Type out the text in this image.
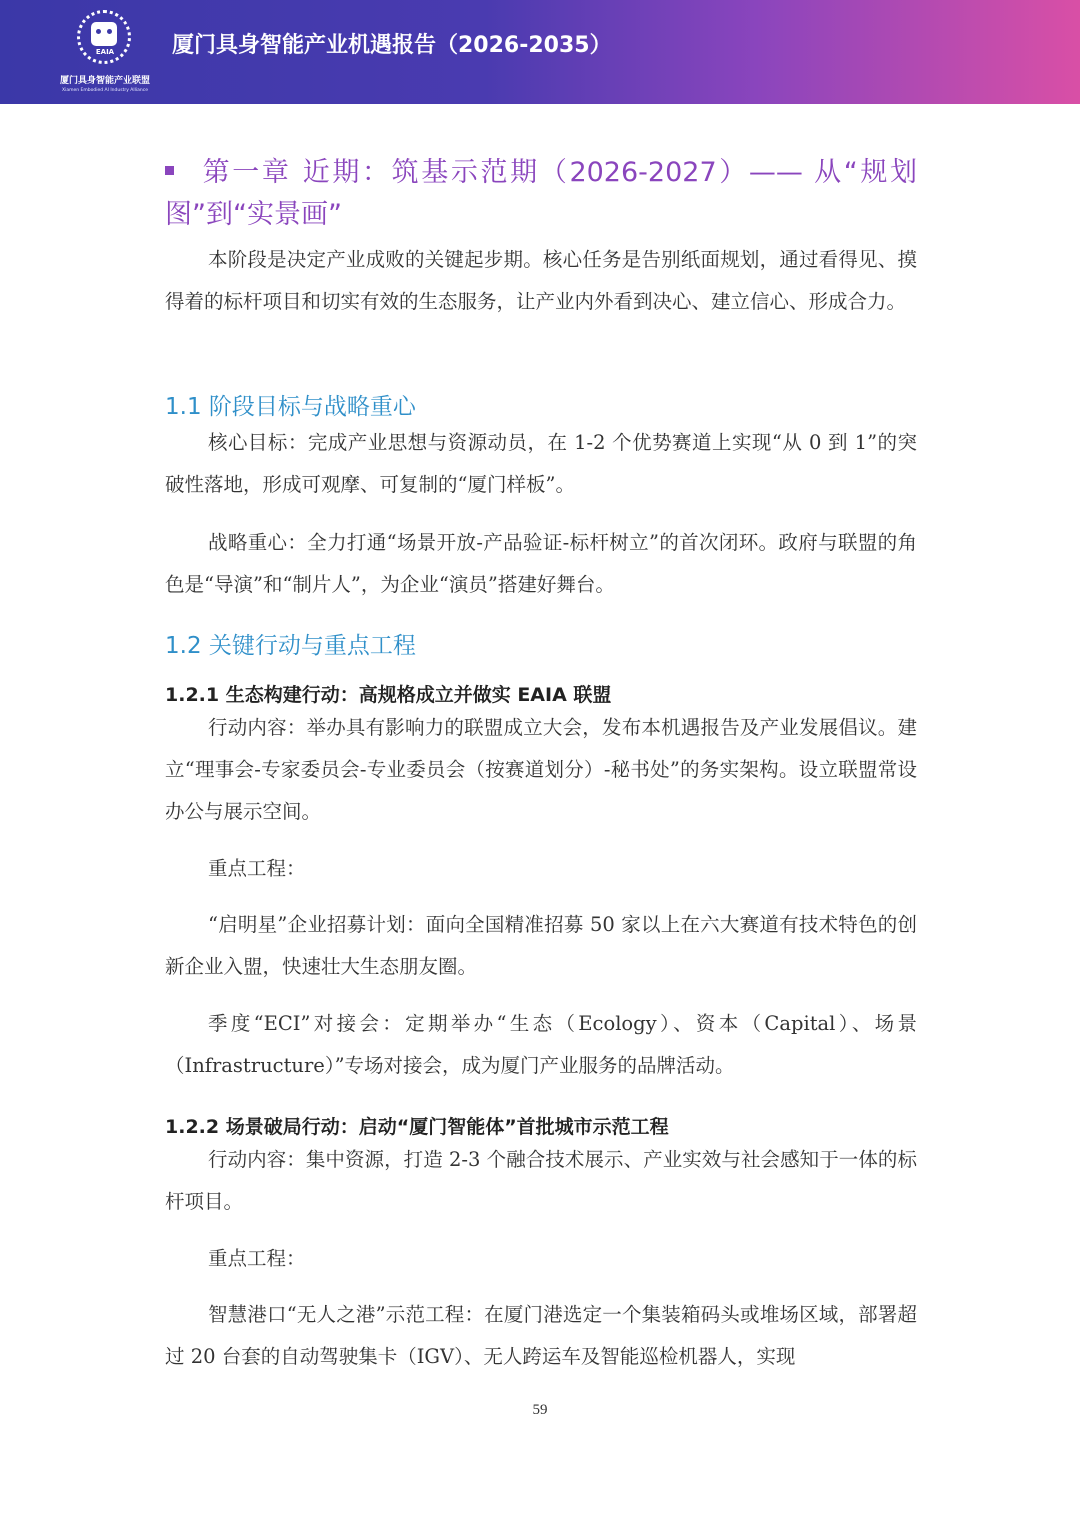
EAIA
厦门具身智能产业联盟
Xiamen Embodied AI Industry Alliance
厦门具身智能产业机遇报告（2026-2035）
第一章 近期：筑基示范期（2026-2027）—— 从“规划图”到“实景画”
本阶段是决定产业成败的关键起步期。核心任务是告别纸面规划，通过看得见、摸得着的标杆项目和切实有效的生态服务，让产业内外看到决心、建立信心、形成合力。
1.1 阶段目标与战略重心
核心目标：完成产业思想与资源动员，在 1-2 个优势赛道上实现“从 0 到 1”的突破性落地，形成可观摩、可复制的“厦门样板”。
战略重心：全力打通“场景开放-产品验证-标杆树立”的首次闭环。政府与联盟的角色是“导演”和“制片人”，为企业“演员”搭建好舞台。
1.2 关键行动与重点工程
1.2.1 生态构建行动：高规格成立并做实 EAIA 联盟
行动内容：举办具有影响力的联盟成立大会，发布本机遇报告及产业发展倡议。建立“理事会-专家委员会-专业委员会（按赛道划分）-秘书处”的务实架构。设立联盟常设办公与展示空间。
重点工程：
“启明星”企业招募计划：面向全国精准招募 50 家以上在六大赛道有技术特色的创新企业入盟，快速壮大生态朋友圈。
季度“ECI”对接会：定期举办“生态（Ecology）、资本（Capital）、场景（Infrastructure）”专场对接会，成为厦门产业服务的品牌活动。
1.2.2 场景破局行动：启动“厦门智能体”首批城市示范工程
行动内容：集中资源，打造 2-3 个融合技术展示、产业实效与社会感知于一体的标杆项目。
重点工程：
智慧港口“无人之港”示范工程：在厦门港选定一个集装箱码头或堆场区域，部署超过 20 台套的自动驾驶集卡（IGV）、无人跨运车及智能巡检机器人，实现
59
